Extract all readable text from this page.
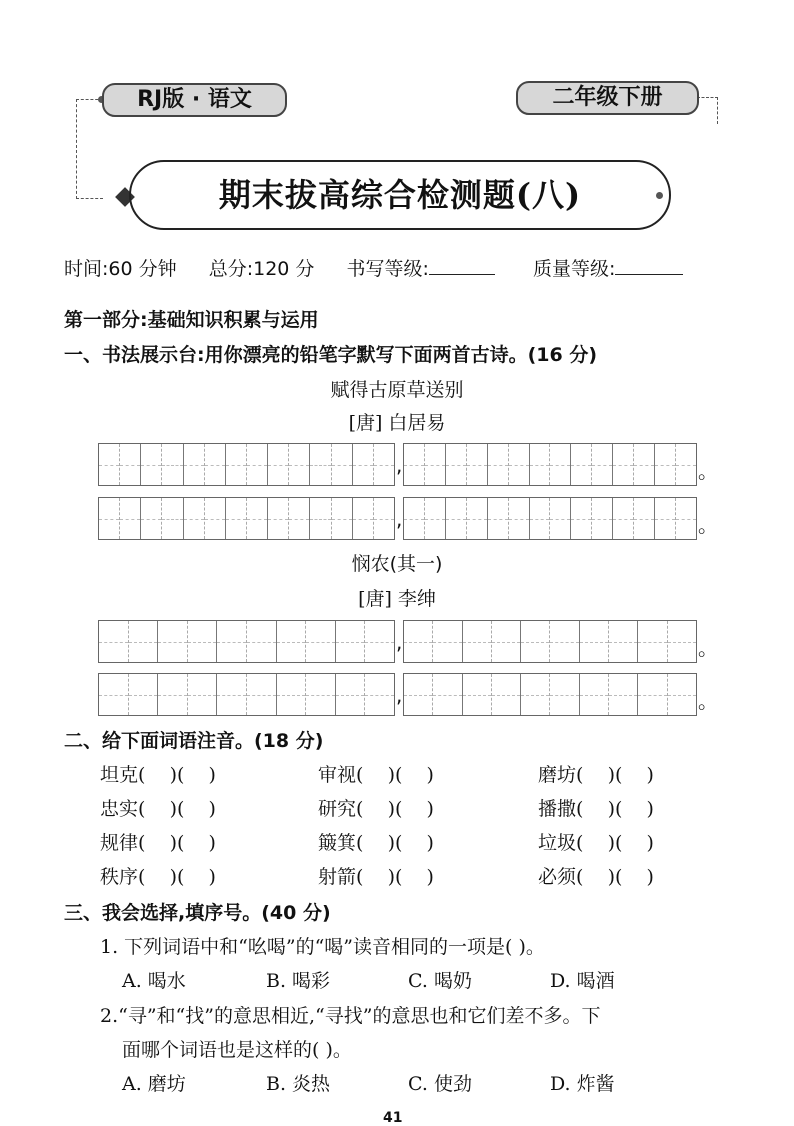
RJ版 · 语文	二年级下册
期末拔高综合检测题(八)
时间:60 分钟 总分:120 分 书写等级:	质量等级:
第一部分:基础知识积累与运用
一、书法展示台:用你漂亮的铅笔字默写下面两首古诗。(16 分)
赋得古原草送别
[唐] 白居易
,	。
,	。
悯农(其一)
[唐] 李绅
,	。
,	。
二、给下面词语注音。(18 分)
坦克(    )(    )	审视(    )(    )	磨坊(    )(    )
忠实(    )(    )	研究(    )(    )	播撒(    )(    )
规律(    )(    )	簸箕(    )(    )	垃圾(    )(    )
秩序(    )(    )	射箭(    )(    )	必须(    )(    )
三、我会选择,填序号。(40 分)
1. 下列词语中和“吆喝”的“喝”读音相同的一项是( )。
A. 喝水	B. 喝彩	C. 喝奶	D. 喝酒
2.“寻”和“找”的意思相近,“寻找”的意思也和它们差不多。下
面哪个词语也是这样的( )。
A. 磨坊	B. 炎热	C. 使劲	D. 炸酱
41
